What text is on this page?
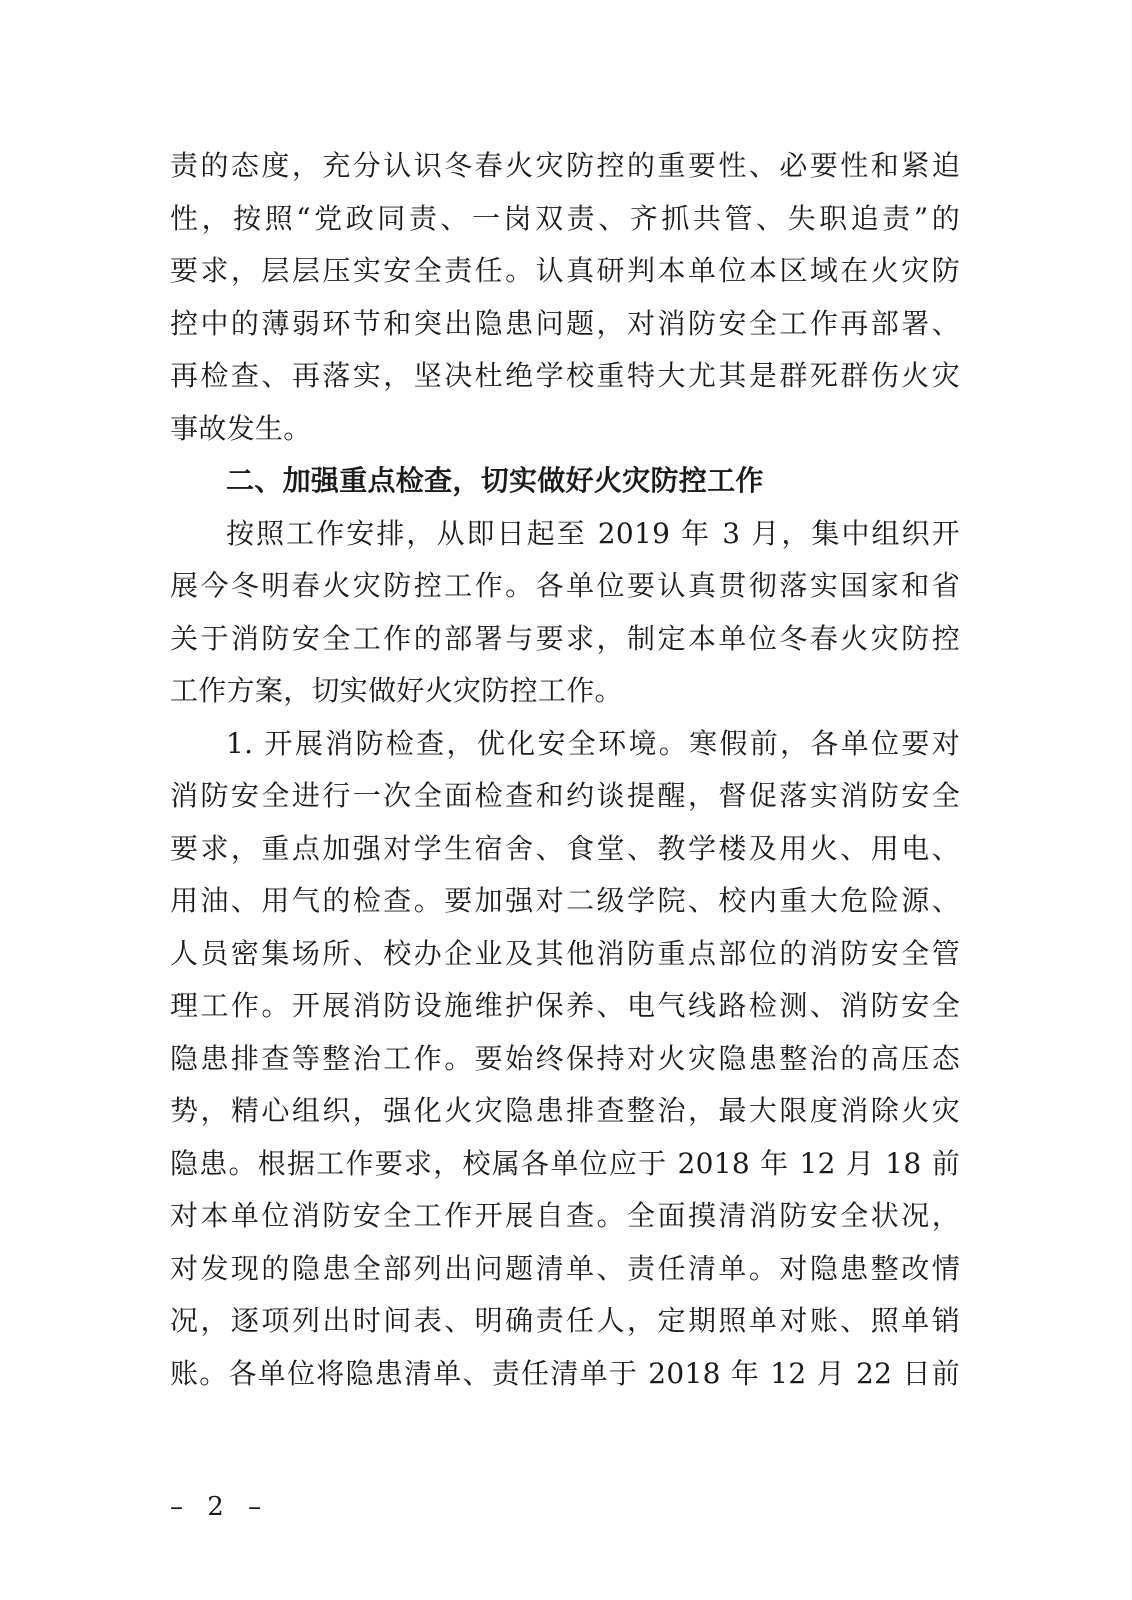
责的态度，充分认识冬春火灾防控的重要性、必要性和紧迫
性，按照“党政同责、一岗双责、齐抓共管、失职追责”的
要求，层层压实安全责任。认真研判本单位本区域在火灾防
控中的薄弱环节和突出隐患问题，对消防安全工作再部署、
再检查、再落实，坚决杜绝学校重特大尤其是群死群伤火灾
事故发生。
二、加强重点检查，切实做好火灾防控工作
按照工作安排，从即日起至 2019 年 3 月，集中组织开
展今冬明春火灾防控工作。各单位要认真贯彻落实国家和省
关于消防安全工作的部署与要求，制定本单位冬春火灾防控
工作方案，切实做好火灾防控工作。
1. 开展消防检查，优化安全环境。寒假前，各单位要对
消防安全进行一次全面检查和约谈提醒，督促落实消防安全
要求，重点加强对学生宿舍、食堂、教学楼及用火、用电、
用油、用气的检查。要加强对二级学院、校内重大危险源、
人员密集场所、校办企业及其他消防重点部位的消防安全管
理工作。开展消防设施维护保养、电气线路检测、消防安全
隐患排查等整治工作。要始终保持对火灾隐患整治的高压态
势，精心组织，强化火灾隐患排查整治，最大限度消除火灾
隐患。根据工作要求，校属各单位应于 2018 年 12 月 18 前
对本单位消防安全工作开展自查。全面摸清消防安全状况，
对发现的隐患全部列出问题清单、责任清单。对隐患整改情
况，逐项列出时间表、明确责任人，定期照单对账、照单销
账。各单位将隐患清单、责任清单于 2018 年 12 月 22 日前
– 2 –
